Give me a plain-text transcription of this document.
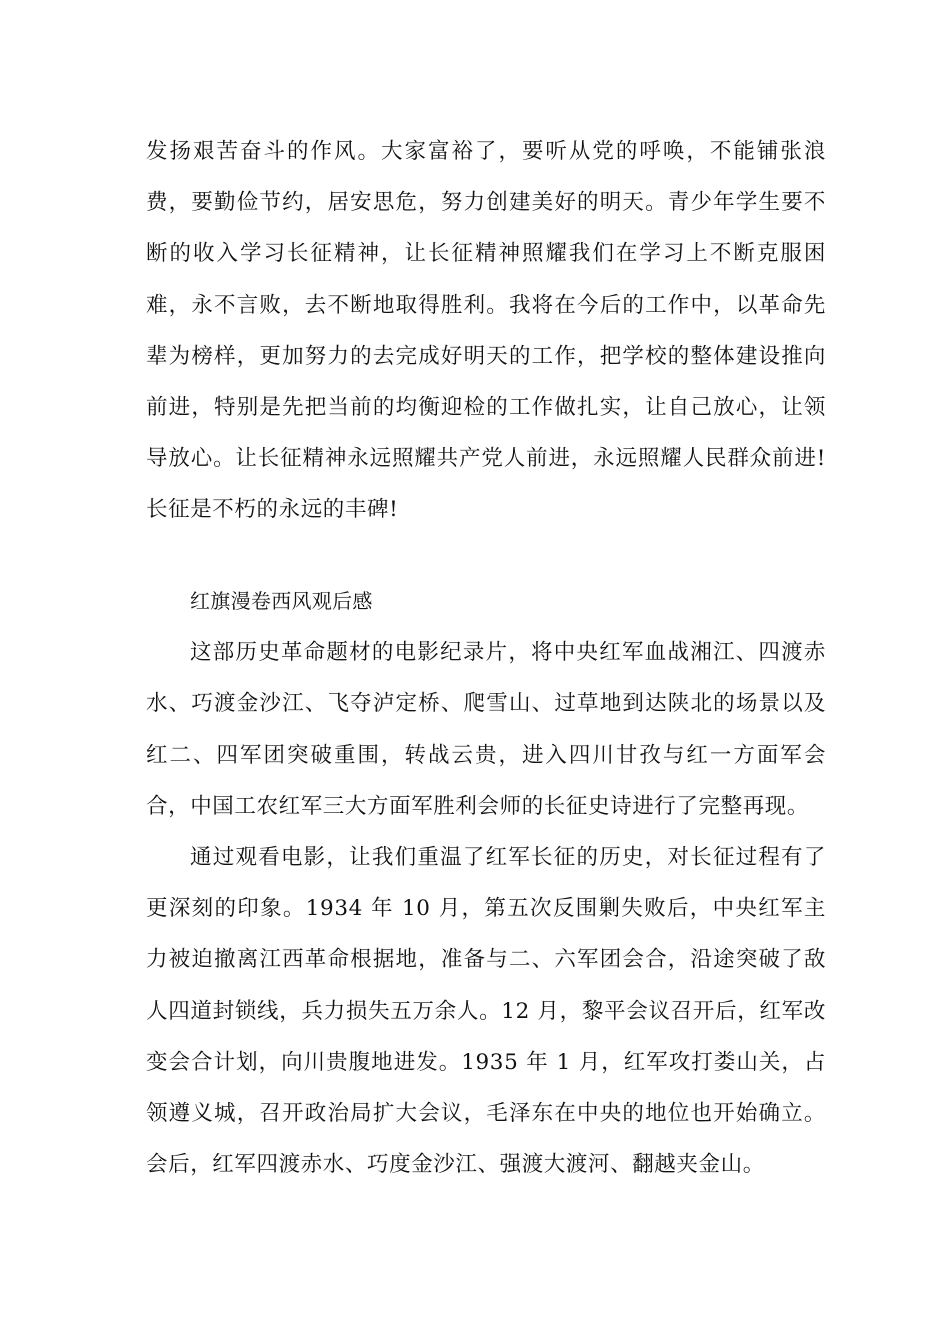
发扬艰苦奋斗的作风。大家富裕了，要听从党的呼唤，不能铺张浪费，要勤俭节约，居安思危，努力创建美好的明天。青少年学生要不断的收入学习长征精神，让长征精神照耀我们在学习上不断克服困难，永不言败，去不断地取得胜利。我将在今后的工作中，以革命先辈为榜样，更加努力的去完成好明天的工作，把学校的整体建设推向前进，特别是先把当前的均衡迎检的工作做扎实，让自己放心，让领导放心。让长征精神永远照耀共产党人前进，永远照耀人民群众前进!长征是不朽的永远的丰碑!

红旗漫卷西风观后感

这部历史革命题材的电影纪录片，将中央红军血战湘江、四渡赤水、巧渡金沙江、飞夺泸定桥、爬雪山、过草地到达陕北的场景以及红二、四军团突破重围，转战云贵，进入四川甘孜与红一方面军会合，中国工农红军三大方面军胜利会师的长征史诗进行了完整再现。

通过观看电影，让我们重温了红军长征的历史，对长征过程有了更深刻的印象。1934 年 10 月，第五次反围剿失败后，中央红军主力被迫撤离江西革命根据地，准备与二、六军团会合，沿途突破了敌人四道封锁线，兵力损失五万余人。12 月，黎平会议召开后，红军改变会合计划，向川贵腹地进发。1935 年 1 月，红军攻打娄山关，占领遵义城，召开政治局扩大会议，毛泽东在中央的地位也开始确立。会后，红军四渡赤水、巧度金沙江、强渡大渡河、翻越夹金山。
